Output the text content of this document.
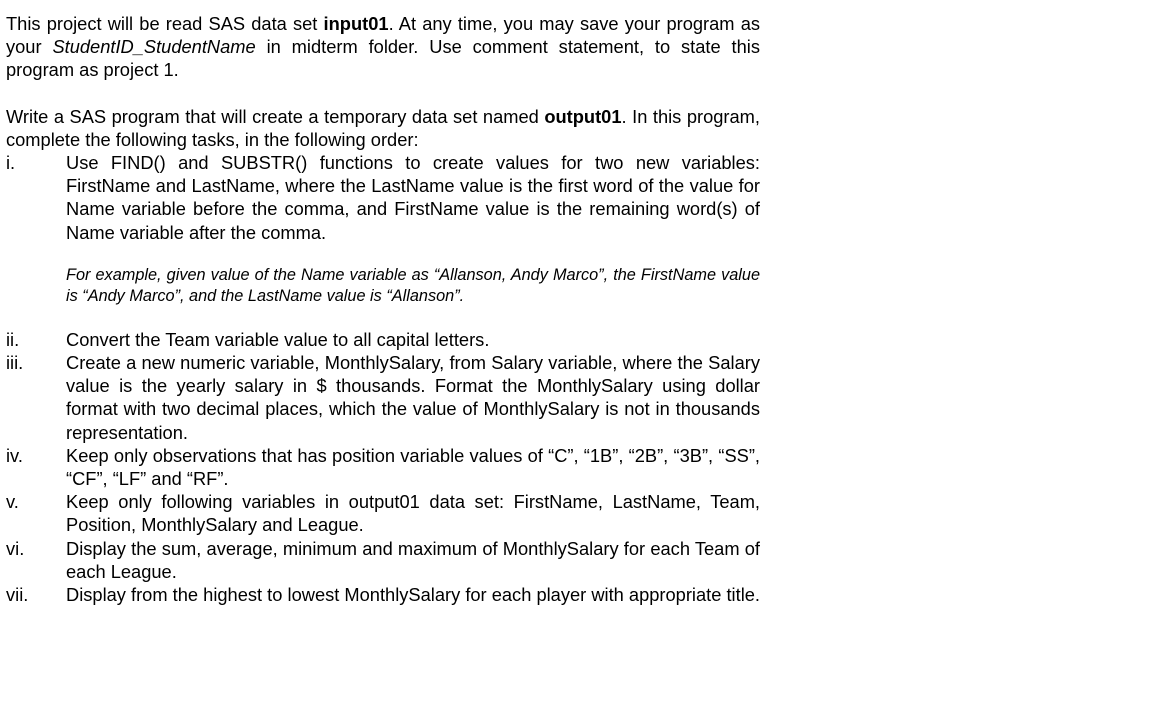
This project will be read SAS data set input01. At any time, you may save your program as your StudentID_StudentName in midterm folder. Use comment statement, to state this program as project 1.

Write a SAS program that will create a temporary data set named output01. In this program, complete the following tasks, in the following order:

i.	Use FIND() and SUBSTR() functions to create values for two new variables: FirstName and LastName, where the LastName value is the first word of the value for Name variable before the comma, and FirstName value is the remaining word(s) of Name variable after the comma.
For example, given value of the Name variable as “Allanson, Andy Marco”, the FirstName value is “Andy Marco”, and the LastName value is “Allanson”.
ii.	Convert the Team variable value to all capital letters.
iii.	Create a new numeric variable, MonthlySalary, from Salary variable, where the Salary value is the yearly salary in $ thousands. Format the MonthlySalary using dollar format with two decimal places, which the value of MonthlySalary is not in thousands representation.
iv.	Keep only observations that has position variable values of “C”, “1B”, “2B”, “3B”, “SS”, “CF”, “LF” and “RF”.
v.	Keep only following variables in output01 data set: FirstName, LastName, Team, Position, MonthlySalary and League.
vi.	Display the sum, average, minimum and maximum of MonthlySalary for each Team of each League.
vii.	Display from the highest to lowest MonthlySalary for each player with appropriate title.
